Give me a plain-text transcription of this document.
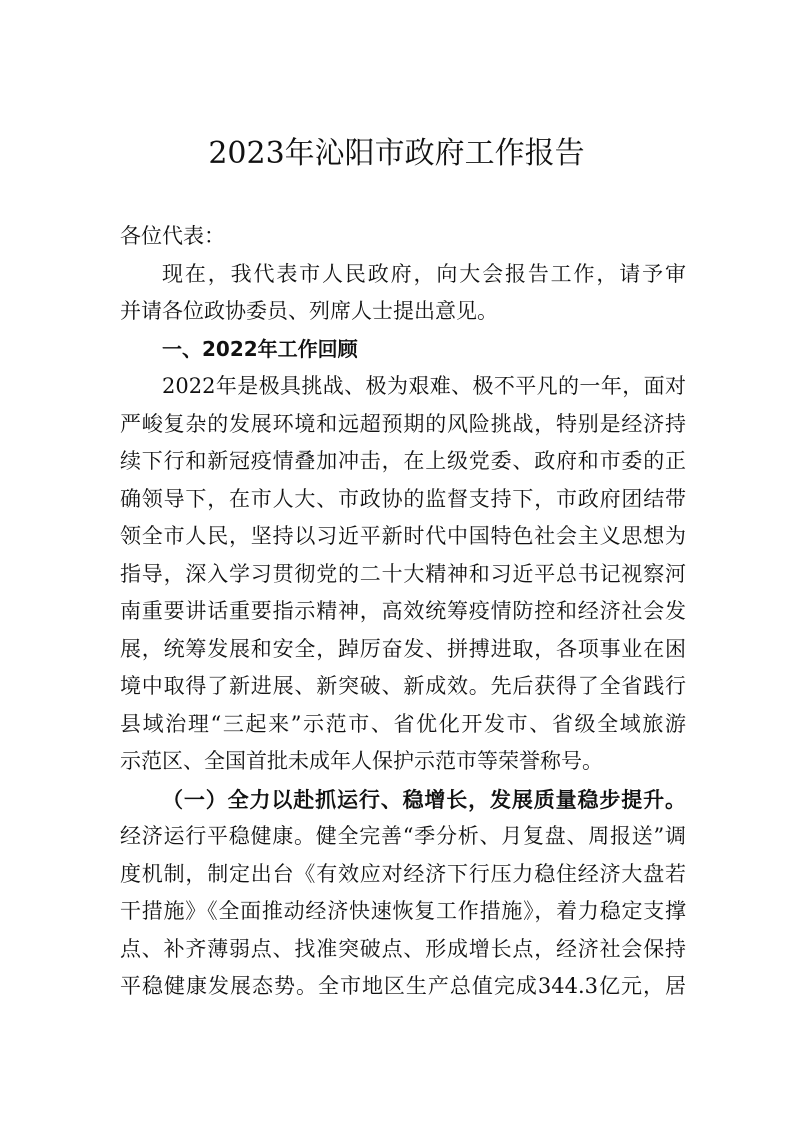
2023年沁阳市政府工作报告
各位代表：
现在，我代表市人民政府，向大会报告工作，请予审
并请各位政协委员、列席人士提出意见。
一、2022年工作回顾
2022年是极具挑战、极为艰难、极不平凡的一年，面对
严峻复杂的发展环境和远超预期的风险挑战，特别是经济持
续下行和新冠疫情叠加冲击，在上级党委、政府和市委的正
确领导下，在市人大、市政协的监督支持下，市政府团结带
领全市人民，坚持以习近平新时代中国特色社会主义思想为
指导，深入学习贯彻党的二十大精神和习近平总书记视察河
南重要讲话重要指示精神，高效统筹疫情防控和经济社会发
展，统筹发展和安全，踔厉奋发、拼搏进取，各项事业在困
境中取得了新进展、新突破、新成效。先后获得了全省践行
县域治理“三起来”示范市、省优化开发市、省级全域旅游
示范区、全国首批未成年人保护示范市等荣誉称号。
（一）全力以赴抓运行、稳增长，发展质量稳步提升。
经济运行平稳健康。健全完善“季分析、月复盘、周报送”调
度机制，制定出台《有效应对经济下行压力稳住经济大盘若
干措施》《全面推动经济快速恢复工作措施》，着力稳定支撑
点、补齐薄弱点、找准突破点、形成增长点，经济社会保持
平稳健康发展态势。全市地区生产总值完成344.3亿元，居
